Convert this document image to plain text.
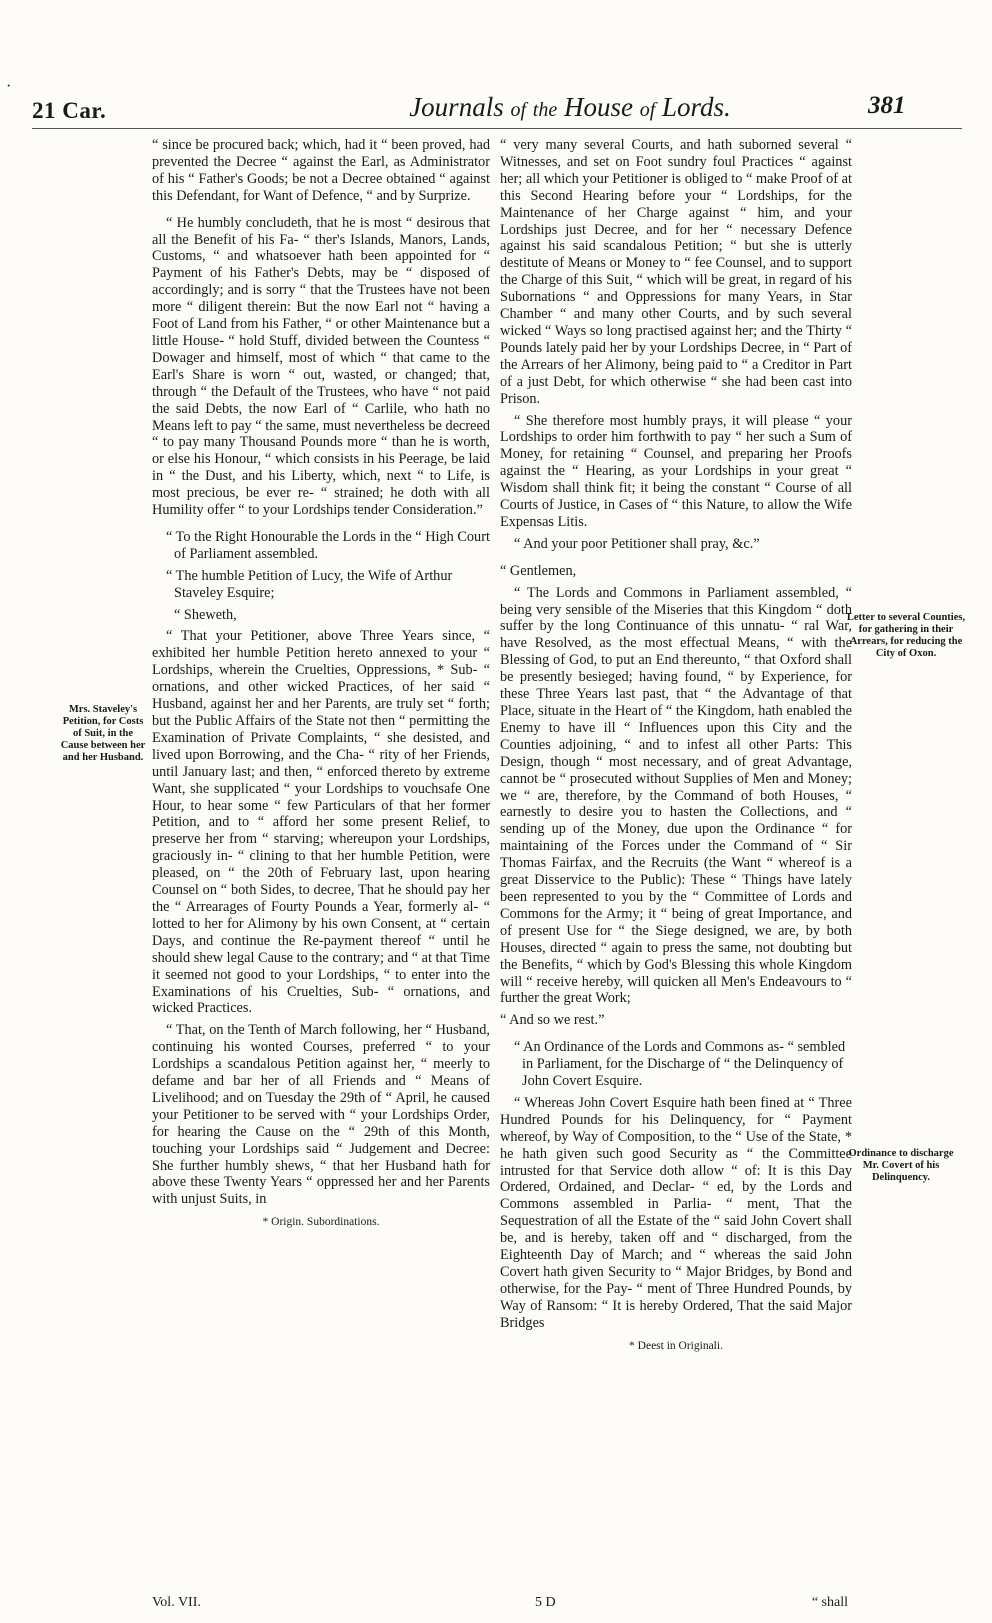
·
21 Car.	Journals of the House of Lords.	381

“ since be procured back; which, had it “ been proved, had prevented the Decree “ against the Earl, as Administrator of his “ Father's Goods; be not a Decree obtained “ against this Defendant, for Want of Defence, “ and by Surprize.

“ He humbly concludeth, that he is most “ desirous that all the Benefit of his Fa- “ ther's Islands, Manors, Lands, Customs, “ and whatsoever hath been appointed for “ Payment of his Father's Debts, may be “ disposed of accordingly; and is sorry “ that the Trustees have not been more “ diligent therein: But the now Earl not “ having a Foot of Land from his Father, “ or other Maintenance but a little House- “ hold Stuff, divided between the Countess “ Dowager and himself, most of which “ that came to the Earl's Share is worn “ out, wasted, or changed; that, through “ the Default of the Trustees, who have “ not paid the said Debts, the now Earl of “ Carlile, who hath no Means left to pay “ the same, must nevertheless be decreed “ to pay many Thousand Pounds more “ than he is worth, or else his Honour, “ which consists in his Peerage, be laid in “ the Dust, and his Liberty, which, next “ to Life, is most precious, be ever re- “ strained; he doth with all Humility offer “ to your Lordships tender Consideration.”

“ To the Right Honourable the Lords in the “ High Court of Parliament assembled.

“ The humble Petition of Lucy, the Wife of Arthur Staveley Esquire;

“ Sheweth,

“ That your Petitioner, above Three Years since, “ exhibited her humble Petition hereto annexed to your “ Lordships, wherein the Cruelties, Oppressions, * Sub- “ ornations, and other wicked Practices, of her said “ Husband, against her and her Parents, are truly set “ forth; but the Public Affairs of the State not then “ permitting the Examination of Private Complaints, “ she desisted, and lived upon Borrowing, and the Cha- “ rity of her Friends, until January last; and then, “ enforced thereto by extreme Want, she supplicated “ your Lordships to vouchsafe One Hour, to hear some “ few Particulars of that her former Petition, and to “ afford her some present Relief, to preserve her from “ starving; whereupon your Lordships, graciously in- “ clining to that her humble Petition, were pleased, on “ the 20th of February last, upon hearing Counsel on “ both Sides, to decree, That he should pay her the “ Arrearages of Fourty Pounds a Year, formerly al- “ lotted to her for Alimony by his own Consent, at “ certain Days, and continue the Re-payment thereof “ until he should shew legal Cause to the contrary; and “ at that Time it seemed not good to your Lordships, “ to enter into the Examinations of his Cruelties, Sub- “ ornations, and wicked Practices.

“ That, on the Tenth of March following, her “ Husband, continuing his wonted Courses, preferred “ to your Lordships a scandalous Petition against her, “ meerly to defame and bar her of all Friends and “ Means of Livelihood; and on Tuesday the 29th of “ April, he caused your Petitioner to be served with “ your Lordships Order, for hearing the Cause on the “ 29th of this Month, touching your Lordships said “ Judgement and Decree: She further humbly shews, “ that her Husband hath for above these Twenty Years “ oppressed her and her Parents with unjust Suits, in

* Origin. Subordinations.

“ very many several Courts, and hath suborned several “ Witnesses, and set on Foot sundry foul Practices “ against her; all which your Petitioner is obliged to “ make Proof of at this Second Hearing before your “ Lordships, for the Maintenance of her Charge against “ him, and your Lordships just Decree, and for her “ necessary Defence against his said scandalous Petition; “ but she is utterly destitute of Means or Money to “ fee Counsel, and to support the Charge of this Suit, “ which will be great, in regard of his Subornations “ and Oppressions for many Years, in Star Chamber “ and many other Courts, and by such several wicked “ Ways so long practised against her; and the Thirty “ Pounds lately paid her by your Lordships Decree, in “ Part of the Arrears of her Alimony, being paid to “ a Creditor in Part of a just Debt, for which otherwise “ she had been cast into Prison.

“ She therefore most humbly prays, it will please “ your Lordships to order him forthwith to pay “ her such a Sum of Money, for retaining “ Counsel, and preparing her Proofs against the “ Hearing, as your Lordships in your great “ Wisdom shall think fit; it being the constant “ Course of all Courts of Justice, in Cases of “ this Nature, to allow the Wife Expensas Litis.

“ And your poor Petitioner shall pray, &c.”

“ Gentlemen,

“ The Lords and Commons in Parliament assembled, “ being very sensible of the Miseries that this Kingdom “ doth suffer by the long Continuance of this unnatu- “ ral War, have Resolved, as the most effectual Means, “ with the Blessing of God, to put an End thereunto, “ that Oxford shall be presently besieged; having found, “ by Experience, for these Three Years last past, that “ the Advantage of that Place, situate in the Heart of “ the Kingdom, hath enabled the Enemy to have ill “ Influences upon this City and the Counties adjoining, “ and to infest all other Parts: This Design, though “ most necessary, and of great Advantage, cannot be “ prosecuted without Supplies of Men and Money; we “ are, therefore, by the Command of both Houses, “ earnestly to desire you to hasten the Collections, and “ sending up of the Money, due upon the Ordinance “ for maintaining of the Forces under the Command of “ Sir Thomas Fairfax, and the Recruits (the Want “ whereof is a great Disservice to the Public): These “ Things have lately been represented to you by the “ Committee of Lords and Commons for the Army; it “ being of great Importance, and of present Use for “ the Siege designed, we are, by both Houses, directed “ again to press the same, not doubting but the Benefits, “ which by God's Blessing this whole Kingdom will “ receive hereby, will quicken all Men's Endeavours to “ further the great Work;

“ And so we rest.”

“ An Ordinance of the Lords and Commons as- “ sembled in Parliament, for the Discharge of “ the Delinquency of John Covert Esquire.

“ Whereas John Covert Esquire hath been fined at “ Three Hundred Pounds for his Delinquency, for “ Payment whereof, by Way of Composition, to the “ Use of the State, * he hath given such good Security as “ the Committee intrusted for that Service doth allow “ of: It is this Day Ordered, Ordained, and Declar- “ ed, by the Lords and Commons assembled in Parlia- “ ment, That the Sequestration of all the Estate of the “ said John Covert shall be, and is hereby, taken off and “ discharged, from the Eighteenth Day of March; and “ whereas the said John Covert hath given Security to “ Major Bridges, by Bond and otherwise, for the Pay- “ ment of Three Hundred Pounds, by Way of Ransom: “ It is hereby Ordered, That the said Major Bridges

* Deest in Originali.
Mrs. Staveley's Petition, for Costs of Suit, in the Cause between her and her Husband.
Letter to several Counties, for gathering in their Arrears, for reducing the City of Oxon.
Ordinance to discharge Mr. Covert of his Delinquency.
Vol. VII.	5 D	“ shall
